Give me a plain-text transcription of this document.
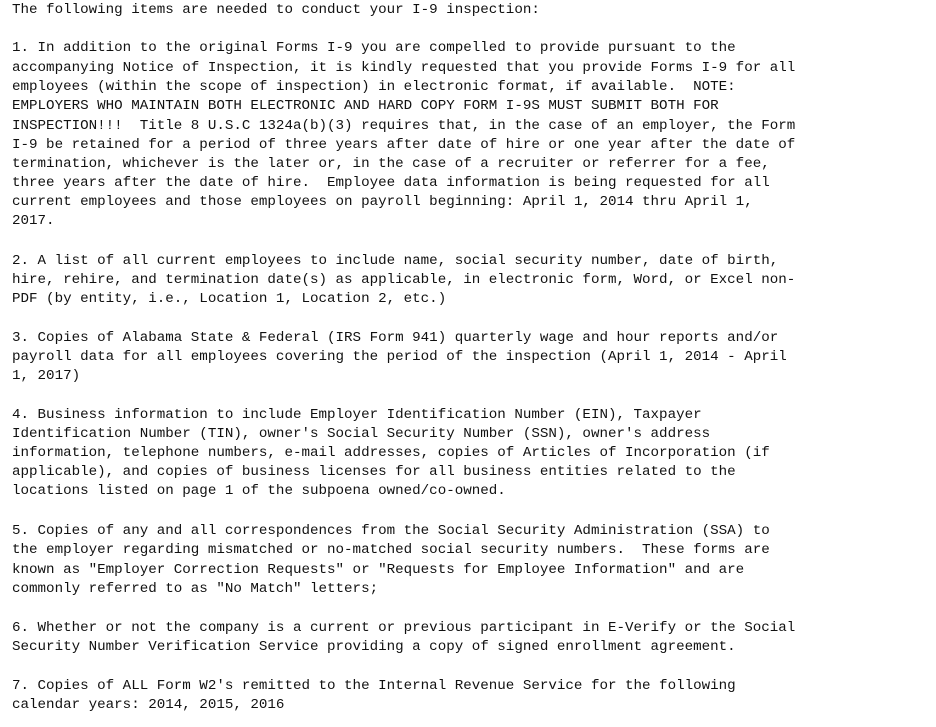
The following items are needed to conduct your I-9 inspection:

1. In addition to the original Forms I-9 you are compelled to provide pursuant to the

accompanying Notice of Inspection, it is kindly requested that you provide Forms I-9 for all

employees (within the scope of inspection) in electronic format, if available.  NOTE:

EMPLOYERS WHO MAINTAIN BOTH ELECTRONIC AND HARD COPY FORM I-9S MUST SUBMIT BOTH FOR

INSPECTION!!!  Title 8 U.S.C 1324a(b)(3) requires that, in the case of an employer, the Form

I-9 be retained for a period of three years after date of hire or one year after the date of

termination, whichever is the later or, in the case of a recruiter or referrer for a fee,

three years after the date of hire.  Employee data information is being requested for all

current employees and those employees on payroll beginning: April 1, 2014 thru April 1,

2017.

2. A list of all current employees to include name, social security number, date of birth,

hire, rehire, and termination date(s) as applicable, in electronic form, Word, or Excel non-

PDF (by entity, i.e., Location 1, Location 2, etc.)

3. Copies of Alabama State & Federal (IRS Form 941) quarterly wage and hour reports and/or

payroll data for all employees covering the period of the inspection (April 1, 2014 - April

1, 2017)

4. Business information to include Employer Identification Number (EIN), Taxpayer

Identification Number (TIN), owner's Social Security Number (SSN), owner's address

information, telephone numbers, e-mail addresses, copies of Articles of Incorporation (if

applicable), and copies of business licenses for all business entities related to the

locations listed on page 1 of the subpoena owned/co-owned.

5. Copies of any and all correspondences from the Social Security Administration (SSA) to

the employer regarding mismatched or no-matched social security numbers.  These forms are

known as "Employer Correction Requests" or "Requests for Employee Information" and are

commonly referred to as "No Match" letters;

6. Whether or not the company is a current or previous participant in E-Verify or the Social

Security Number Verification Service providing a copy of signed enrollment agreement.

7. Copies of ALL Form W2's remitted to the Internal Revenue Service for the following

calendar years: 2014, 2015, 2016
